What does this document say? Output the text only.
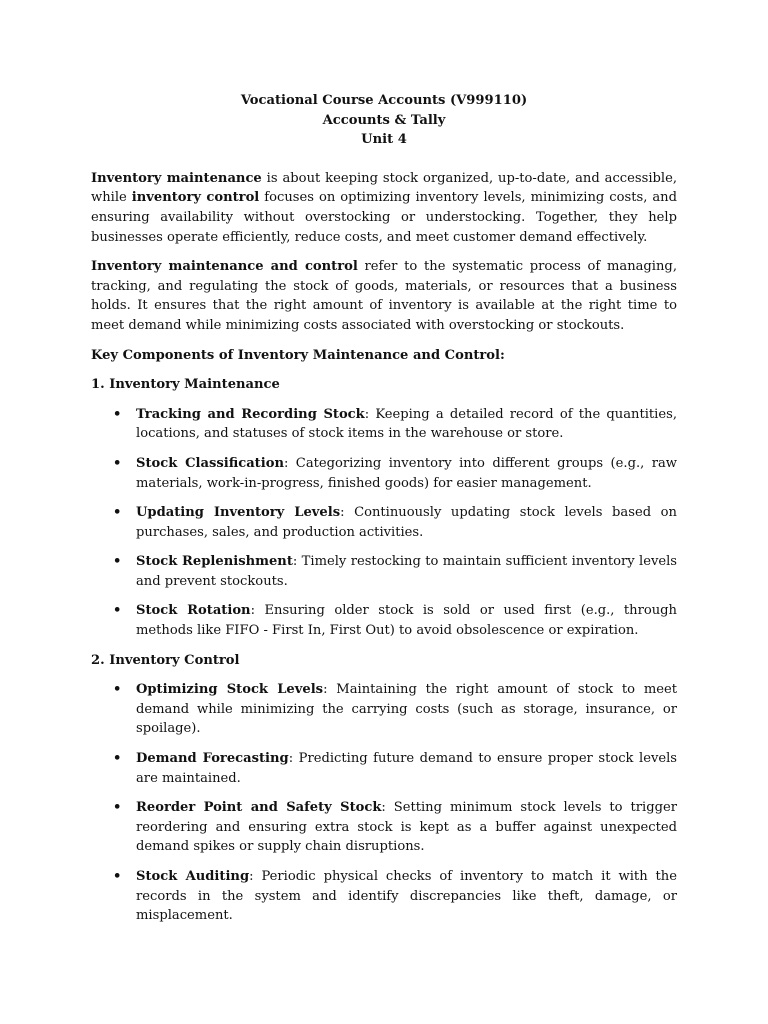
Vocational Course Accounts (V999110)
Accounts & Tally
Unit 4

Inventory maintenance is about keeping stock organized, up-to-date, and accessible, while inventory control focuses on optimizing inventory levels, minimizing costs, and ensuring availability without overstocking or understocking. Together, they help businesses operate efficiently, reduce costs, and meet customer demand effectively.

Inventory maintenance and control refer to the systematic process of managing, tracking, and regulating the stock of goods, materials, or resources that a business holds. It ensures that the right amount of inventory is available at the right time to meet demand while minimizing costs associated with overstocking or stockouts.

Key Components of Inventory Maintenance and Control:
1. Inventory Maintenance
• Tracking and Recording Stock: Keeping a detailed record of the quantities, locations, and statuses of stock items in the warehouse or store.
• Stock Classification: Categorizing inventory into different groups (e.g., raw materials, work-in-progress, finished goods) for easier management.
• Updating Inventory Levels: Continuously updating stock levels based on purchases, sales, and production activities.
• Stock Replenishment: Timely restocking to maintain sufficient inventory levels and prevent stockouts.
• Stock Rotation: Ensuring older stock is sold or used first (e.g., through methods like FIFO - First In, First Out) to avoid obsolescence or expiration.
2. Inventory Control
• Optimizing Stock Levels: Maintaining the right amount of stock to meet demand while minimizing the carrying costs (such as storage, insurance, or spoilage).
• Demand Forecasting: Predicting future demand to ensure proper stock levels are maintained.
• Reorder Point and Safety Stock: Setting minimum stock levels to trigger reordering and ensuring extra stock is kept as a buffer against unexpected demand spikes or supply chain disruptions.
• Stock Auditing: Periodic physical checks of inventory to match it with the records in the system and identify discrepancies like theft, damage, or misplacement.
